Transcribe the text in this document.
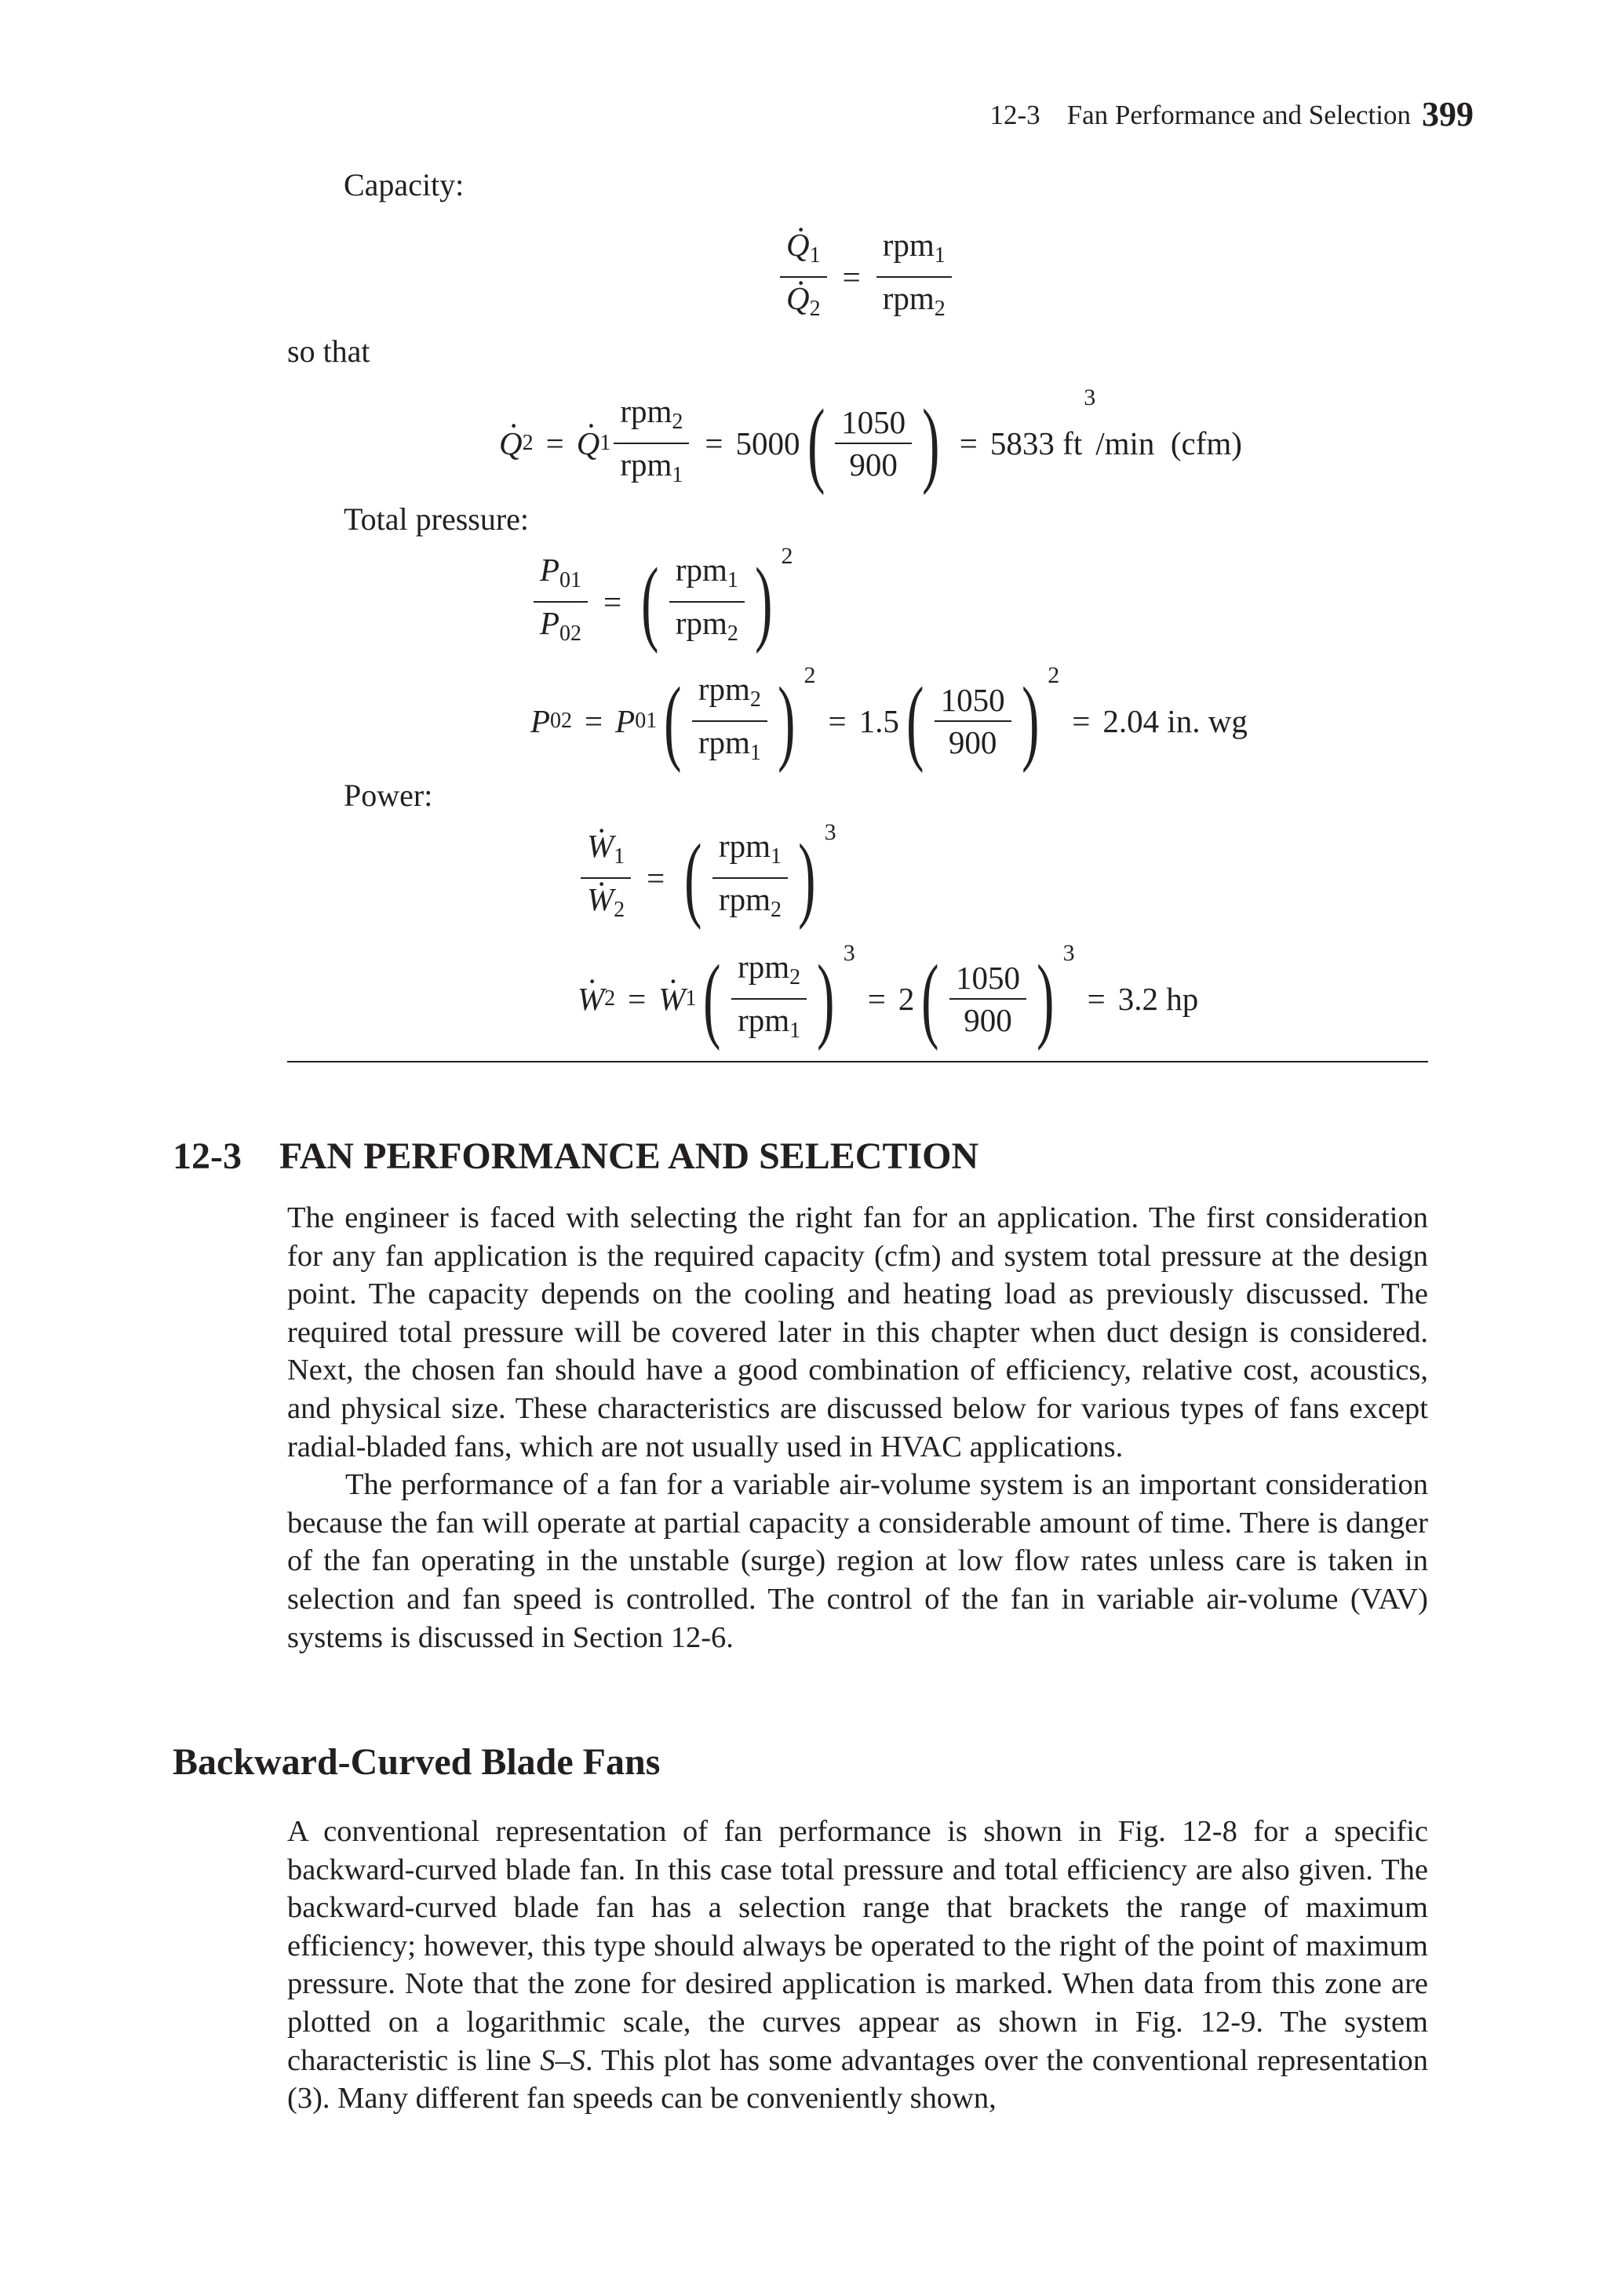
12-3 Fan Performance and Selection 399
Capacity:
· $Q_1$
· $Q_2 = \frac{rpm_1}{rpm_2}$
so that
· Q 2 = · Q $1 \frac{rpm_2}{rpm_1} = 5000$ ( $\frac{1050}{900}$ ) = 5833 ft
3
/min
(cfm)
Total pressure:
$\frac{P_{01}}{P_{02}}$ = ( $\frac{rpm_1}{rpm_2}$ ) 2
P 02 = P 01 ( $\frac{rpm_2}{rpm_1}$ ) 2
= 1.5 ( $\frac{1050}{900}$ ) 2
= 2.04 in. wg
Power:
· $W_1$
· $W_2$ = ( $\frac{rpm_1}{rpm_2}$ ) 3
· W 2 = · W 1 ( $\frac{rpm_2}{rpm_1}$ ) 3
= 2 ( $\frac{1050}{900}$ ) 3
= 3.2 hp
12-3 FAN PERFORMANCE AND SELECTION

The engineer is faced with selecting the right fan for an application. The first consideration for any fan application is the required capacity (cfm) and system total pressure at the design point. The capacity depends on the cooling and heating load as previously discussed. The required total pressure will be covered later in this chapter when duct design is considered. Next, the chosen fan should have a good combination of efficiency, relative cost, acoustics, and physical size. These characteristics are discussed below for various types of fans except radial-bladed fans, which are not usually used in HVAC applications.

The performance of a fan for a variable air-volume system is an important consideration because the fan will operate at partial capacity a considerable amount of time. There is danger of the fan operating in the unstable (surge) region at low flow rates unless care is taken in selection and fan speed is controlled. The control of the fan in variable air-volume (VAV) systems is discussed in Section 12-6.

Backward-Curved Blade Fans

A conventional representation of fan performance is shown in Fig. 12-8 for a specific backward-curved blade fan. In this case total pressure and total efficiency are also given. The backward-curved blade fan has a selection range that brackets the range of maximum efficiency; however, this type should always be operated to the right of the point of maximum pressure. Note that the zone for desired application is marked. When data from this zone are plotted on a logarithmic scale, the curves appear as shown in Fig. 12-9. The system characteristic is line S–S. This plot has some advantages over the conventional representation (3). Many different fan speeds can be conveniently shown,
